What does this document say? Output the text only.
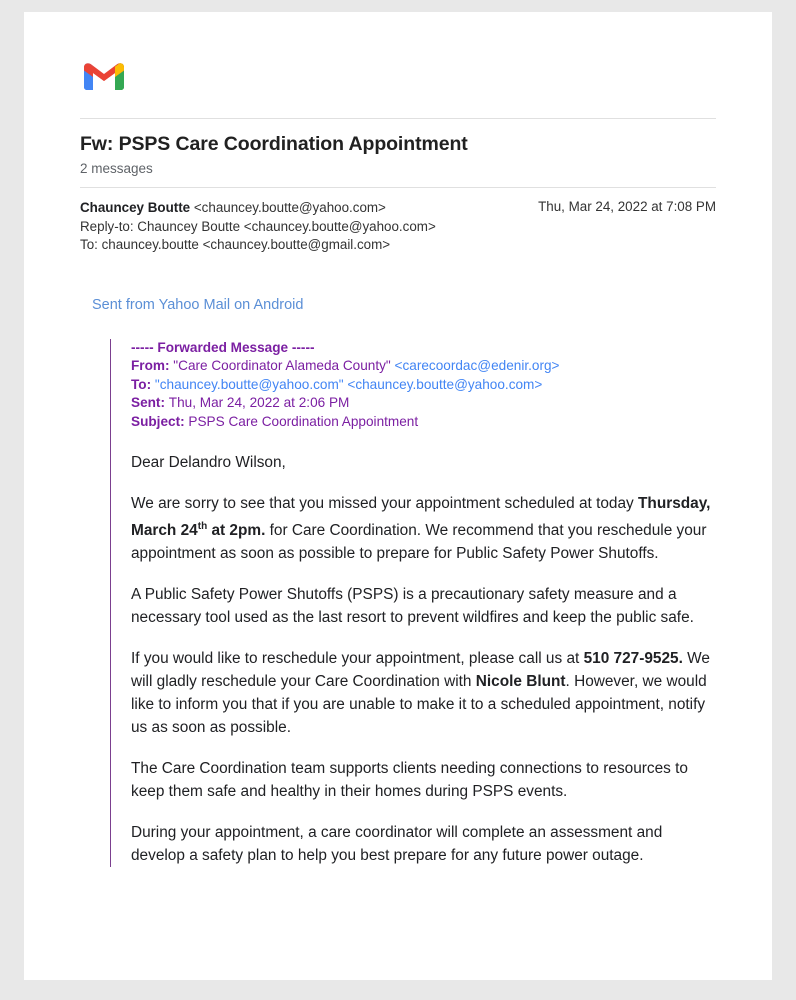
Fw: PSPS Care Coordination Appointment
2 messages
Chauncey Boutte <chauncey.boutte@yahoo.com>
Reply-to: Chauncey Boutte <chauncey.boutte@yahoo.com>
To: chauncey.boutte <chauncey.boutte@gmail.com>
Thu, Mar 24, 2022 at 7:08 PM
Sent from Yahoo Mail on Android
----- Forwarded Message -----
From: "Care Coordinator Alameda County" <carecoordac@edenir.org>
To: "chauncey.boutte@yahoo.com" <chauncey.boutte@yahoo.com>
Sent: Thu, Mar 24, 2022 at 2:06 PM
Subject: PSPS Care Coordination Appointment

Dear Delandro Wilson,

We are sorry to see that you missed your appointment scheduled at today Thursday, March 24th at 2pm. for Care Coordination. We recommend that you reschedule your appointment as soon as possible to prepare for Public Safety Power Shutoffs.

A Public Safety Power Shutoffs (PSPS) is a precautionary safety measure and a necessary tool used as the last resort to prevent wildfires and keep the public safe.

If you would like to reschedule your appointment, please call us at 510 727-9525. We will gladly reschedule your Care Coordination with Nicole Blunt. However, we would like to inform you that if you are unable to make it to a scheduled appointment, notify us as soon as possible.

The Care Coordination team supports clients needing connections to resources to keep them safe and healthy in their homes during PSPS events.

During your appointment, a care coordinator will complete an assessment and develop a safety plan to help you best prepare for any future power outage.
